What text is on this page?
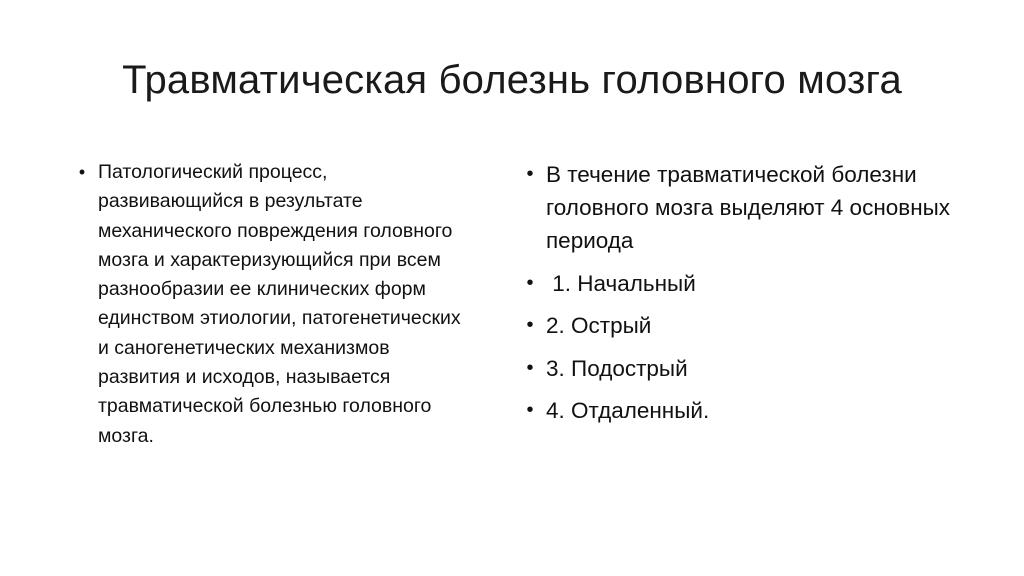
Травматическая болезнь головного мозга
• Патологический процесс, развивающийся в результате механического повреждения головного мозга и характеризующийся при всем разнообразии ее клинических форм единством этиологии, патогенетических и саногенетических механизмов развития и исходов, называется травматической болезнью головного мозга.
• В течение травматической болезни головного мозга выделяют 4 основных периода
• 1. Начальный
• 2. Острый
• 3. Подострый
• 4. Отдаленный.
